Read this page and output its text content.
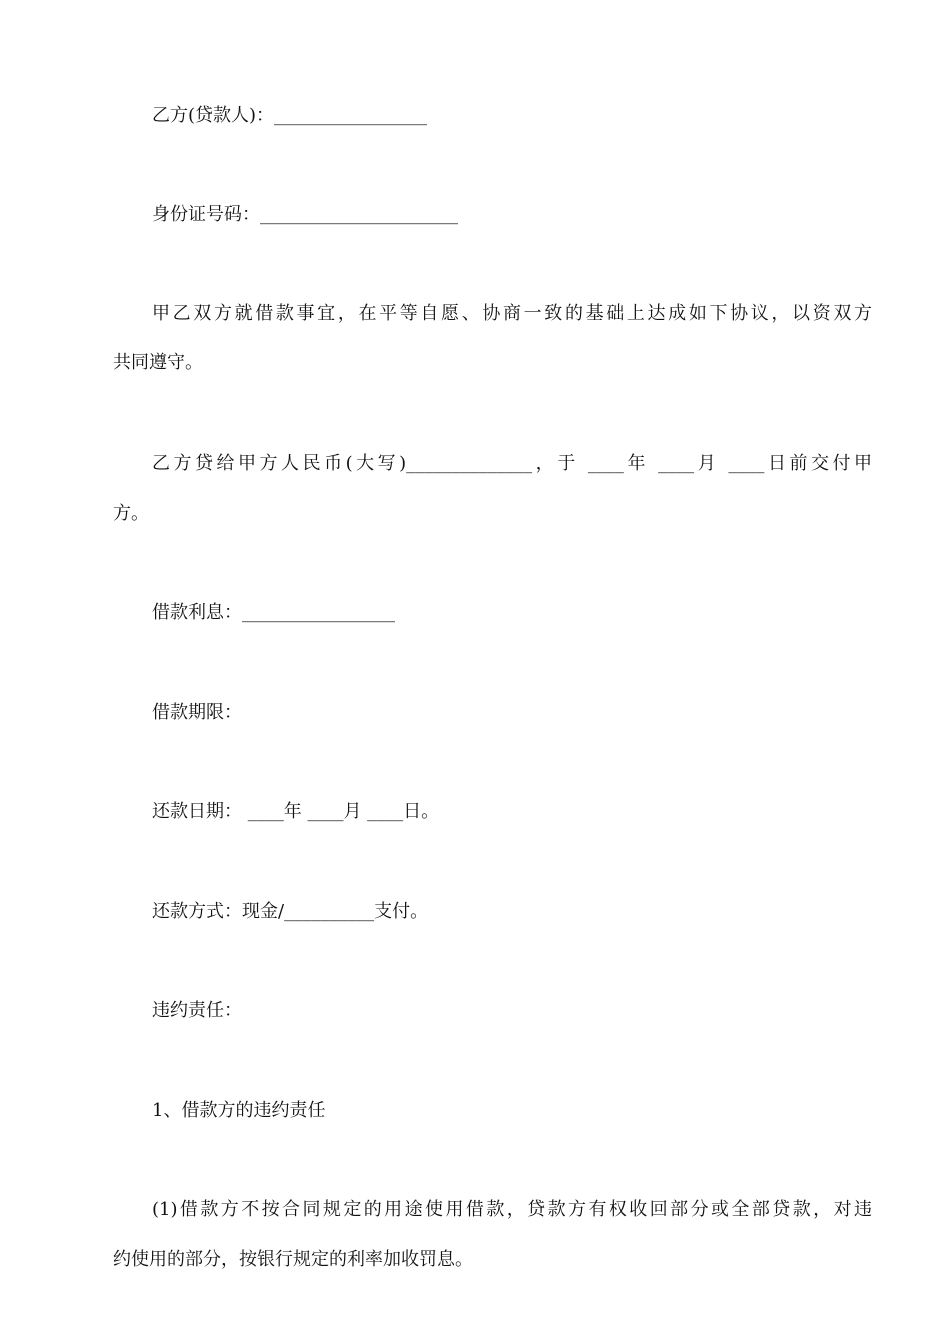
乙方(贷款人)：_________________
身份证号码：______________________
甲乙双方就借款事宜，在平等自愿、协商一致的基础上达成如下协议，以资双方
共同遵守。
乙方贷给甲方人民币(大写)______________，于 ____年 ____月 ____日前交付甲
方。
借款利息：_________________
借款期限：
还款日期： ____年 ____月 ____日。
还款方式：现金/__________支付。
违约责任：
1、借款方的违约责任
(1)借款方不按合同规定的用途使用借款，贷款方有权收回部分或全部贷款，对违
约使用的部分，按银行规定的利率加收罚息。
